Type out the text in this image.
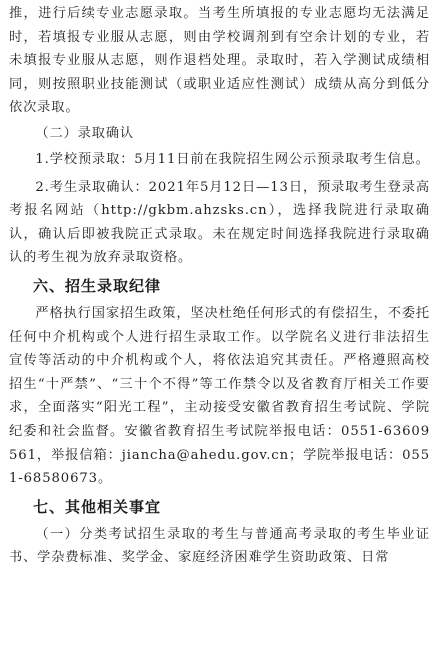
推，进行后续专业志愿录取。当考生所填报的专业志愿均无法满足时，若填报专业服从志愿，则由学校调剂到有空余计划的专业，若未填报专业服从志愿，则作退档处理。录取时，若入学测试成绩相同，则按照职业技能测试（或职业适应性测试）成绩从高分到低分依次录取。

（二）录取确认

1.学校预录取：5月11日前在我院招生网公示预录取考生信息。

2.考生录取确认：2021年5月12日—13日，预录取考生登录高考报名网站（http://gkbm.ahzsks.cn），选择我院进行录取确认，确认后即被我院正式录取。未在规定时间选择我院进行录取确认的考生视为放弃录取资格。

六、招生录取纪律

严格执行国家招生政策，坚决杜绝任何形式的有偿招生，不委托任何中介机构或个人进行招生录取工作。以学院名义进行非法招生宣传等活动的中介机构或个人，将依法追究其责任。严格遵照高校招生“十严禁”、“三十个不得”等工作禁令以及省教育厅相关工作要求，全面落实“阳光工程”，主动接受安徽省教育招生考试院、学院纪委和社会监督。安徽省教育招生考试院举报电话：0551-63609561，举报信箱：jiancha@ahedu.gov.cn；学院举报电话：0551-68580673。

七、其他相关事宜

（一）分类考试招生录取的考生与普通高考录取的考生毕业证书、学杂费标准、奖学金、家庭经济困难学生资助政策、日常
